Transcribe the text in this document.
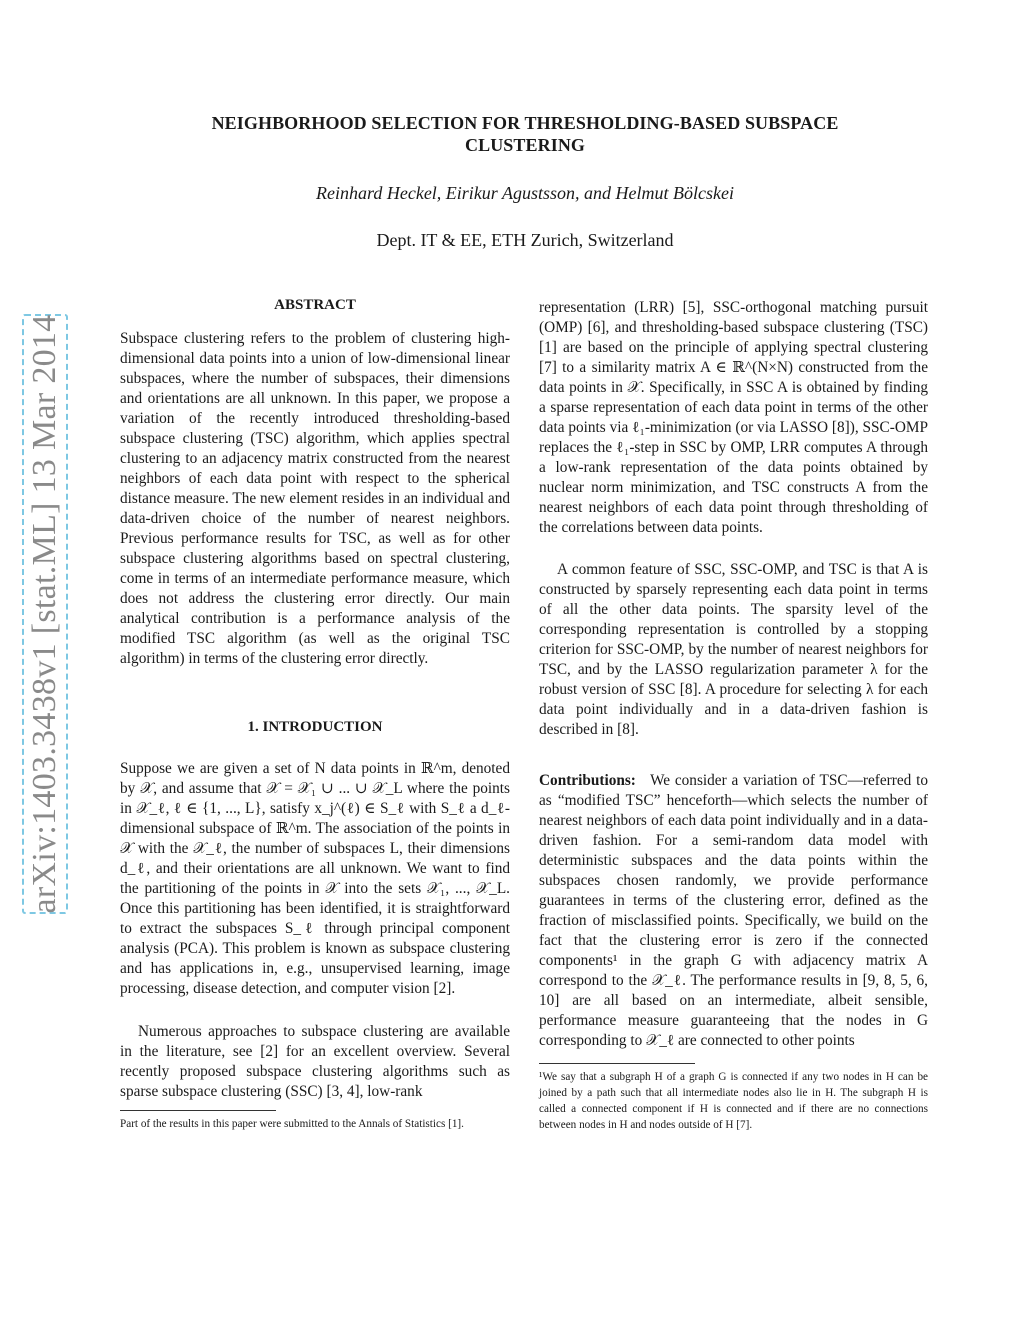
NEIGHBORHOOD SELECTION FOR THRESHOLDING-BASED SUBSPACE CLUSTERING
Reinhard Heckel, Eirikur Agustsson, and Helmut Bölcskei
Dept. IT & EE, ETH Zurich, Switzerland
arXiv:1403.3438v1 [stat.ML] 13 Mar 2014
ABSTRACT

Subspace clustering refers to the problem of clustering high-dimensional data points into a union of low-dimensional linear subspaces, where the number of subspaces, their dimensions and orientations are all unknown. In this paper, we propose a variation of the recently introduced thresholding-based subspace clustering (TSC) algorithm, which applies spectral clustering to an adjacency matrix constructed from the nearest neighbors of each data point with respect to the spherical distance measure. The new element resides in an individual and data-driven choice of the number of nearest neighbors. Previous performance results for TSC, as well as for other subspace clustering algorithms based on spectral clustering, come in terms of an intermediate performance measure, which does not address the clustering error directly. Our main analytical contribution is a performance analysis of the modified TSC algorithm (as well as the original TSC algorithm) in terms of the clustering error directly.

1. INTRODUCTION

Suppose we are given a set of N data points in ℝ^m, denoted by 𝒳, and assume that 𝒳 = 𝒳₁ ∪ ... ∪ 𝒳_L where the points in 𝒳_ℓ, ℓ ∈ {1, ..., L}, satisfy x_j^(ℓ) ∈ S_ℓ with S_ℓ a d_ℓ-dimensional subspace of ℝ^m. The association of the points in 𝒳 with the 𝒳_ℓ, the number of subspaces L, their dimensions d_ℓ, and their orientations are all unknown. We want to find the partitioning of the points in 𝒳 into the sets 𝒳₁, ..., 𝒳_L. Once this partitioning has been identified, it is straightforward to extract the subspaces S_ℓ through principal component analysis (PCA). This problem is known as subspace clustering and has applications in, e.g., unsupervised learning, image processing, disease detection, and computer vision [2].

Numerous approaches to subspace clustering are available in the literature, see [2] for an excellent overview. Several recently proposed subspace clustering algorithms such as sparse subspace clustering (SSC) [3, 4], low-rank

Part of the results in this paper were submitted to the Annals of Statistics [1].

representation (LRR) [5], SSC-orthogonal matching pursuit (OMP) [6], and thresholding-based subspace clustering (TSC) [1] are based on the principle of applying spectral clustering [7] to a similarity matrix A ∈ ℝ^(N×N) constructed from the data points in 𝒳. Specifically, in SSC A is obtained by finding a sparse representation of each data point in terms of the other data points via ℓ₁-minimization (or via LASSO [8]), SSC-OMP replaces the ℓ₁-step in SSC by OMP, LRR computes A through a low-rank representation of the data points obtained by nuclear norm minimization, and TSC constructs A from the nearest neighbors of each data point through thresholding of the correlations between data points.

A common feature of SSC, SSC-OMP, and TSC is that A is constructed by sparsely representing each data point in terms of all the other data points. The sparsity level of the corresponding representation is controlled by a stopping criterion for SSC-OMP, by the number of nearest neighbors for TSC, and by the LASSO regularization parameter λ for the robust version of SSC [8]. A procedure for selecting λ for each data point individually and in a data-driven fashion is described in [8].

Contributions: We consider a variation of TSC—referred to as “modified TSC” henceforth—which selects the number of nearest neighbors of each data point individually and in a data-driven fashion. For a semi-random data model with deterministic subspaces and the data points within the subspaces chosen randomly, we provide performance guarantees in terms of the clustering error, defined as the fraction of misclassified points. Specifically, we build on the fact that the clustering error is zero if the connected components¹ in the graph G with adjacency matrix A correspond to the 𝒳_ℓ. The performance results in [9, 8, 5, 6, 10] are all based on an intermediate, albeit sensible, performance measure guaranteeing that the nodes in G corresponding to 𝒳_ℓ are connected to other points

¹We say that a subgraph H of a graph G is connected if any two nodes in H can be joined by a path such that all intermediate nodes also lie in H. The subgraph H is called a connected component if H is connected and if there are no connections between nodes in H and nodes outside of H [7].
